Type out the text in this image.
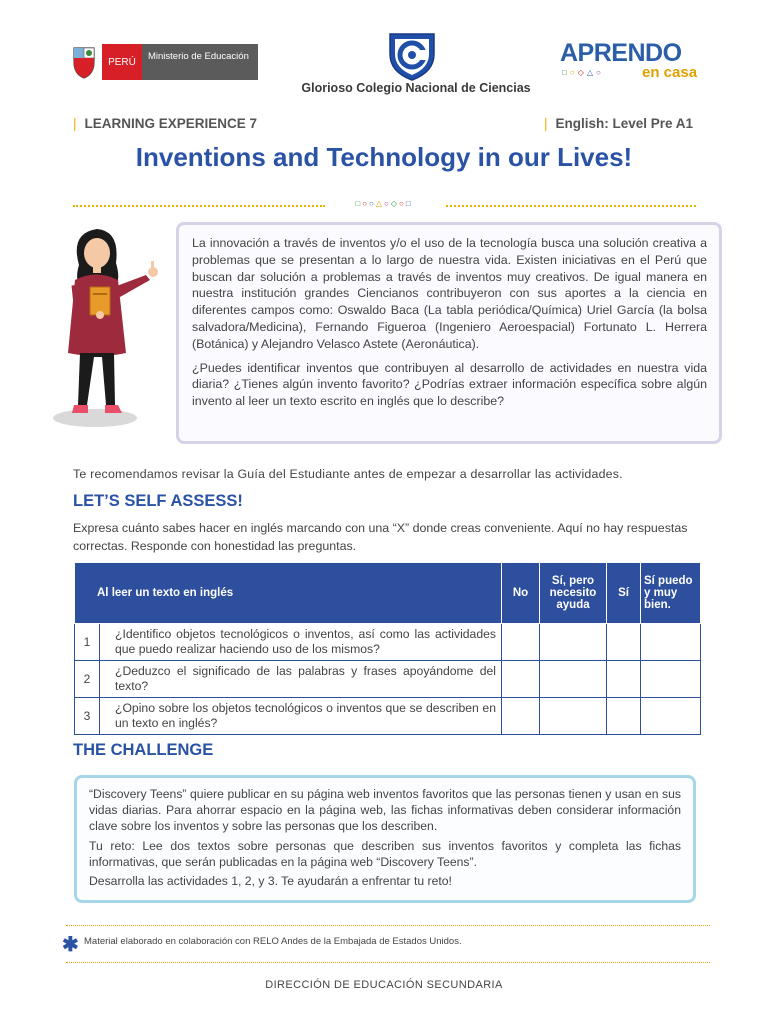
PERÚ	Ministerio de Educación
Glorioso Colegio Nacional de Ciencias
APRENDO
□○◇△○	en casa
| LEARNING EXPERIENCE 7	| English: Level Pre A1
Inventions and Technology in our Lives!
□○○△○◇○□

La innovación a través de inventos y/o el uso de la tecnología busca una solución creativa a problemas que se presentan a lo largo de nuestra vida. Existen iniciativas en el Perú que buscan dar solución a problemas a través de inventos muy creativos. De igual manera en nuestra institución grandes Ciencianos contribuyeron con sus aportes a la ciencia en diferentes campos como: Oswaldo Baca (La tabla periódica/Química) Uriel García (la bolsa salvadora/Medicina), Fernando Figueroa (Ingeniero Aeroespacial) Fortunato L. Herrera (Botánica) y Alejandro Velasco Astete (Aeronáutica).

¿Puedes identificar inventos que contribuyen al desarrollo de actividades en nuestra vida diaria? ¿Tienes algún invento favorito? ¿Podrías extraer información específica sobre algún invento al leer un texto escrito en inglés que lo describe?

Te recomendamos revisar la Guía del Estudiante antes de empezar a desarrollar las actividades.
LET’S SELF ASSESS!
Expresa cuánto sabes hacer en inglés marcando con una “X” donde creas conveniente. Aquí no hay respuestas correctas. Responde con honestidad las preguntas.
Al leer un texto en inglés		No	Sí, pero necesito ayuda	Sí	Sí puedo y muy bien.
1	¿Identifico objetos tecnológicos o inventos, así como las actividades que puedo realizar haciendo uso de los mismos?				
2	¿Deduzco el significado de las palabras y frases apoyándome del texto?				
3	¿Opino sobre los objetos tecnológicos o inventos que se describen en un texto en inglés?				
THE CHALLENGE

“Discovery Teens” quiere publicar en su página web inventos favoritos que las personas tienen y usan en sus vidas diarias. Para ahorrar espacio en la página web, las fichas informativas deben considerar información clave sobre los inventos y sobre las personas que los describen.

Tu reto: Lee dos textos sobre personas que describen sus inventos favoritos y completa las fichas informativas, que serán publicadas en la página web “Discovery Teens”.

Desarrolla las actividades 1, 2, y 3. Te ayudarán a enfrentar tu reto!

✱ Material elaborado en colaboración con RELO Andes de la Embajada de Estados Unidos.
DIRECCIÓN DE EDUCACIÓN SECUNDARIA
